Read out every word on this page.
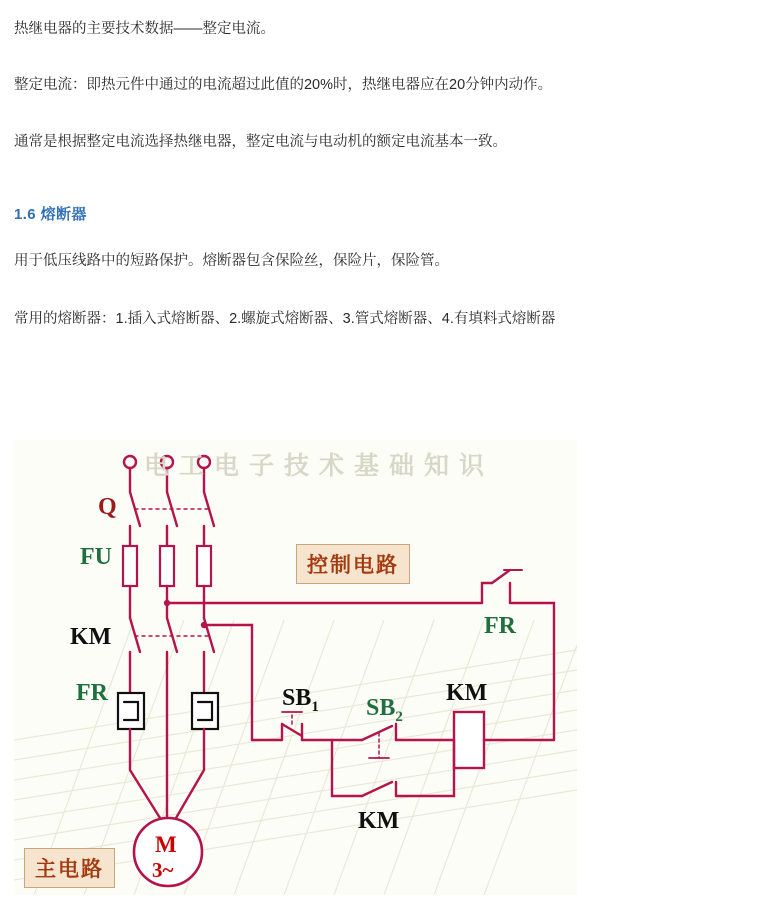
热继电器的主要技术数据——整定电流。

整定电流：即热元件中通过的电流超过此值的20%时，热继电器应在20分钟内动作。

通常是根据整定电流选择热继电器，整定电流与电动机的额定电流基本一致。

1.6 熔断器

用于低压线路中的短路保护。熔断器包含保险丝，保险片，保险管。

常用的熔断器：1.插入式熔断器、2.螺旋式熔断器、3.管式熔断器、4.有填料式熔断器

电工电子技术基础知识
Q
FU
KM
FR
M
3~
$SB_1$ $SB_2$
KM
KM
FR
控制电路
主电路
